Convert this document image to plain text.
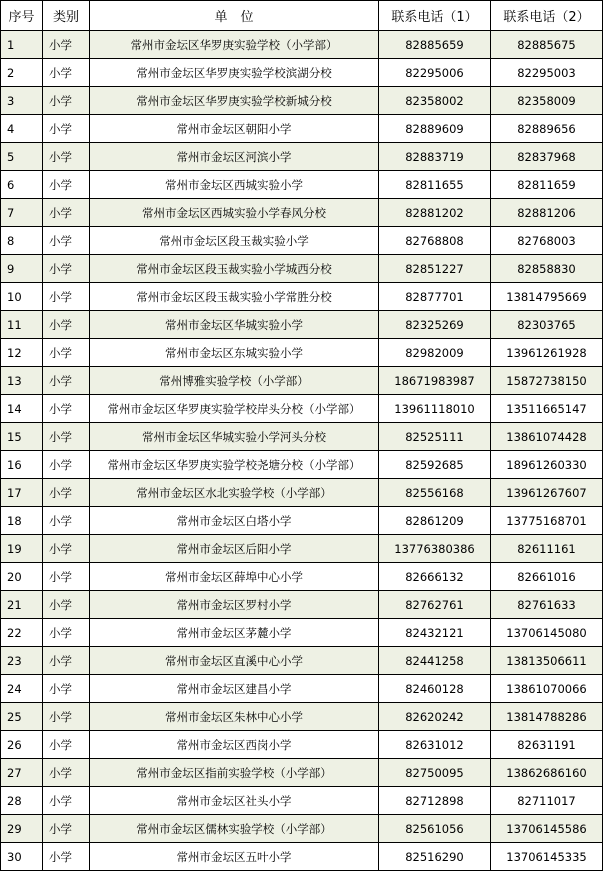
序号	类别	单　位	联系电话（1）	联系电话（2）
1	小学	常州市金坛区华罗庚实验学校（小学部）	82885659	82885675
2	小学	常州市金坛区华罗庚实验学校滨湖分校	82295006	82295003
3	小学	常州市金坛区华罗庚实验学校新城分校	82358002	82358009
4	小学	常州市金坛区朝阳小学	82889609	82889656
5	小学	常州市金坛区河滨小学	82883719	82837968
6	小学	常州市金坛区西城实验小学	82811655	82811659
7	小学	常州市金坛区西城实验小学春风分校	82881202	82881206
8	小学	常州市金坛区段玉裁实验小学	82768808	82768003
9	小学	常州市金坛区段玉裁实验小学城西分校	82851227	82858830
10	小学	常州市金坛区段玉裁实验小学常胜分校	82877701	13814795669
11	小学	常州市金坛区华城实验小学	82325269	82303765
12	小学	常州市金坛区东城实验小学	82982009	13961261928
13	小学	常州博雅实验学校（小学部）	18671983987	15872738150
14	小学	常州市金坛区华罗庚实验学校岸头分校（小学部）	13961118010	13511665147
15	小学	常州市金坛区华城实验小学河头分校	82525111	13861074428
16	小学	常州市金坛区华罗庚实验学校尧塘分校（小学部）	82592685	18961260330
17	小学	常州市金坛区水北实验学校（小学部）	82556168	13961267607
18	小学	常州市金坛区白塔小学	82861209	13775168701
19	小学	常州市金坛区后阳小学	13776380386	82611161
20	小学	常州市金坛区薛埠中心小学	82666132	82661016
21	小学	常州市金坛区罗村小学	82762761	82761633
22	小学	常州市金坛区茅麓小学	82432121	13706145080
23	小学	常州市金坛区直溪中心小学	82441258	13813506611
24	小学	常州市金坛区建昌小学	82460128	13861070066
25	小学	常州市金坛区朱林中心小学	82620242	13814788286
26	小学	常州市金坛区西岗小学	82631012	82631191
27	小学	常州市金坛区指前实验学校（小学部）	82750095	13862686160
28	小学	常州市金坛区社头小学	82712898	82711017
29	小学	常州市金坛区儒林实验学校（小学部）	82561056	13706145586
30	小学	常州市金坛区五叶小学	82516290	13706145335
